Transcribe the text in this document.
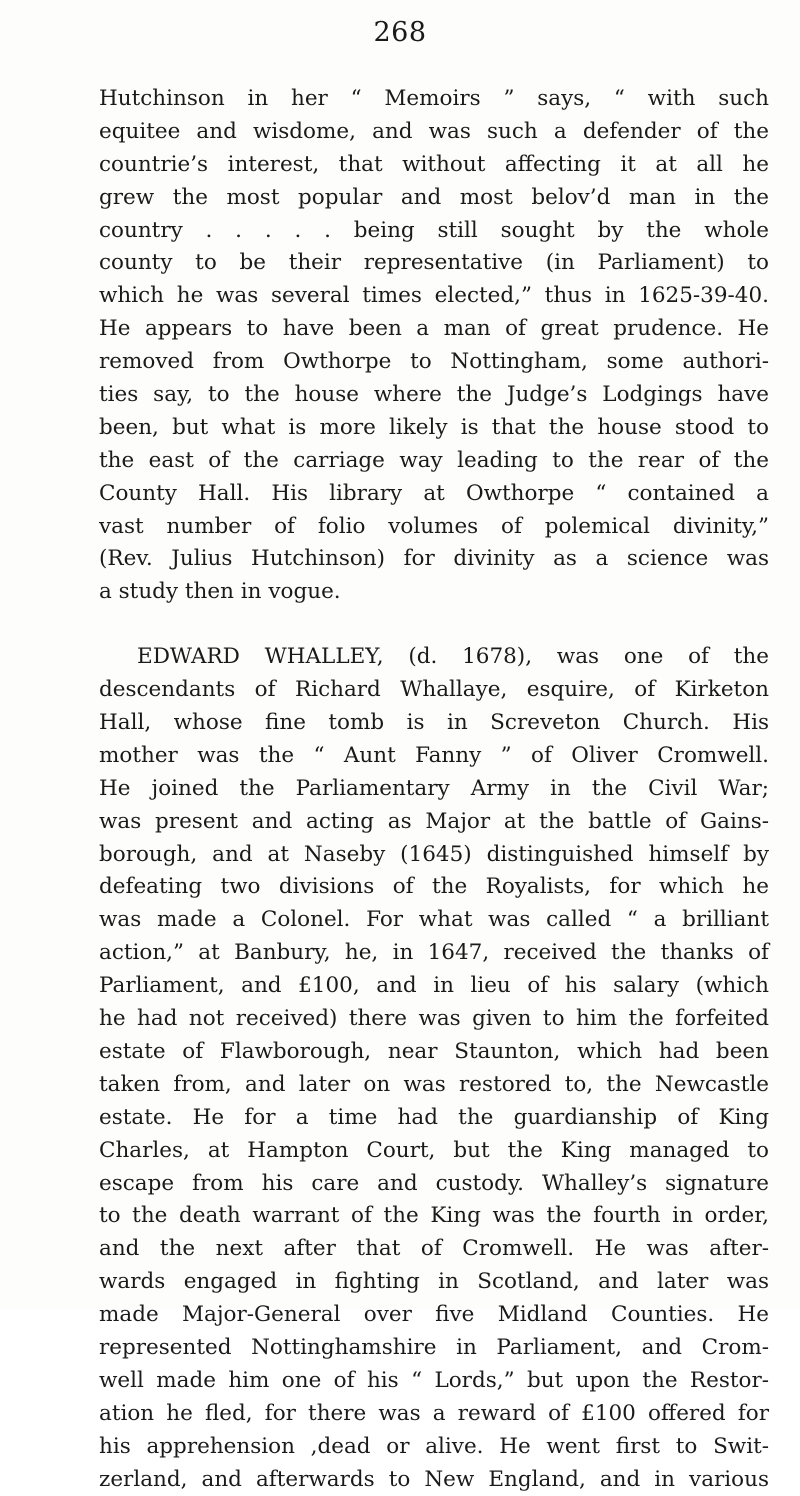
268
Hutchinson in her “ Memoirs ” says, “ with such
equitee and wisdome, and was such a defender of the
countrie’s interest, that without affecting it at all he
grew the most popular and most belov’d man in the
country . . . . . being still sought by the whole
county to be their representative (in Parliament) to
which he was several times elected,” thus in 1625-39-40.
He appears to have been a man of great prudence. He
removed from Owthorpe to Nottingham, some authori-
ties say, to the house where the Judge’s Lodgings have
been, but what is more likely is that the house stood to
the east of the carriage way leading to the rear of the
County Hall. His library at Owthorpe “ contained a
vast number of folio volumes of polemical divinity,”
(Rev. Julius Hutchinson) for divinity as a science was
a study then in vogue.
EDWARD WHALLEY, (d. 1678), was one of the
descendants of Richard Whallaye, esquire, of Kirketon
Hall, whose fine tomb is in Screveton Church. His
mother was the “ Aunt Fanny ” of Oliver Cromwell.
He joined the Parliamentary Army in the Civil War;
was present and acting as Major at the battle of Gains-
borough, and at Naseby (1645) distinguished himself by
defeating two divisions of the Royalists, for which he
was made a Colonel. For what was called “ a brilliant
action,” at Banbury, he, in 1647, received the thanks of
Parliament, and £100, and in lieu of his salary (which
he had not received) there was given to him the forfeited
estate of Flawborough, near Staunton, which had been
taken from, and later on was restored to, the Newcastle
estate. He for a time had the guardianship of King
Charles, at Hampton Court, but the King managed to
escape from his care and custody. Whalley’s signature
to the death warrant of the King was the fourth in order,
and the next after that of Cromwell. He was after-
wards engaged in fighting in Scotland, and later was
made Major-General over five Midland Counties. He
represented Nottinghamshire in Parliament, and Crom-
well made him one of his “ Lords,” but upon the Restor-
ation he fled, for there was a reward of £100 offered for
his apprehension ,dead or alive. He went first to Swit-
zerland, and afterwards to New England, and in various
